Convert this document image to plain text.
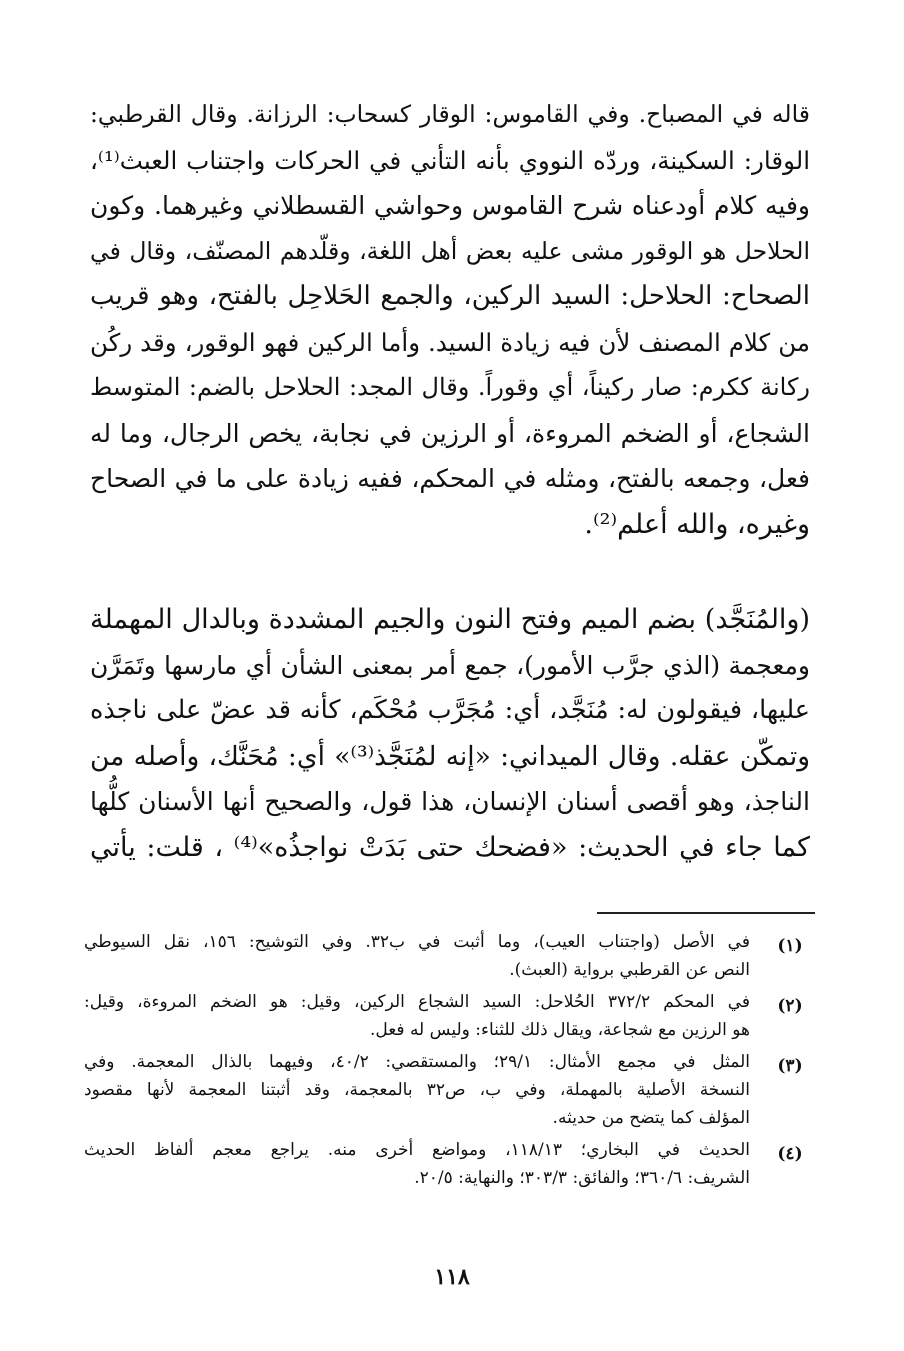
قاله في المصباح. وفي القاموس: الوقار كسحاب: الرزانة. وقال القرطبي:
الوقار: السكينة، وردّه النووي بأنه التأني في الحركات واجتناب العبث⁽¹⁾،
وفيه كلام أودعناه شرح القاموس وحواشي القسطلاني وغيرهما. وكون
الحلاحل هو الوقور مشى عليه بعض أهل اللغة، وقلّدهم المصنّف، وقال في
الصحاح: الحلاحل: السيد الركين، والجمع الحَلاحِل بالفتح، وهو قريب
من كلام المصنف لأن فيه زيادة السيد. وأما الركين فهو الوقور، وقد ركُن
ركانة ككرم: صار ركيناً، أي وقوراً. وقال المجد: الحلاحل بالضم: المتوسط
الشجاع، أو الضخم المروءة، أو الرزين في نجابة، يخص الرجال، وما له
فعل، وجمعه بالفتح، ومثله في المحكم، ففيه زيادة على ما في الصحاح
وغيره، والله أعلم⁽²⁾.

(والمُنَجَّد) بضم الميم وفتح النون والجيم المشددة وبالدال المهملة
ومعجمة (الذي جرَّب الأمور)، جمع أمر بمعنى الشأن أي مارسها وتَمَرَّن
عليها، فيقولون له: مُنَجَّد، أي: مُجَرَّب مُحْكَم، كأنه قد عضّ على ناجذه
وتمكّن عقله. وقال الميداني: «إنه لمُنَجَّذ⁽³⁾» أي: مُحَنَّك، وأصله من
الناجذ، وهو أقصى أسنان الإنسان، هذا قول، والصحيح أنها الأسنان كلُّها
كما جاء في الحديث: «فضحك حتى بَدَتْ نواجذُه»⁽⁴⁾ ، قلت: يأتي

(١)
في الأصل (واجتناب العيب)، وما أثبت في ب٣٢. وفي التوشيح: ١٥٦، نقل السيوطي
النص عن القرطبي برواية (العبث).
(٢)
في المحكم ٣٧٢/٢ الحُلاحل: السيد الشجاع الركين، وقيل: هو الضخم المروءة، وقيل:
هو الرزين مع شجاعة، ويقال ذلك للثناء: وليس له فعل.
(٣)
المثل في مجمع الأمثال: ٢٩/١؛ والمستقصي: ٤٠/٢، وفيهما بالذال المعجمة. وفي
النسخة الأصلية بالمهملة، وفي ب، ص٣٢ بالمعجمة، وقد أثبتنا المعجمة لأنها مقصود
المؤلف كما يتضح من حديثه.
(٤)
الحديث في البخاري؛ ١١٨/١٣، ومواضع أخرى منه. يراجع معجم ألفاظ الحديث
الشريف: ٣٦٠/٦؛ والفائق: ٣٠٣/٣؛ والنهاية: ٢٠/٥.
١١٨
